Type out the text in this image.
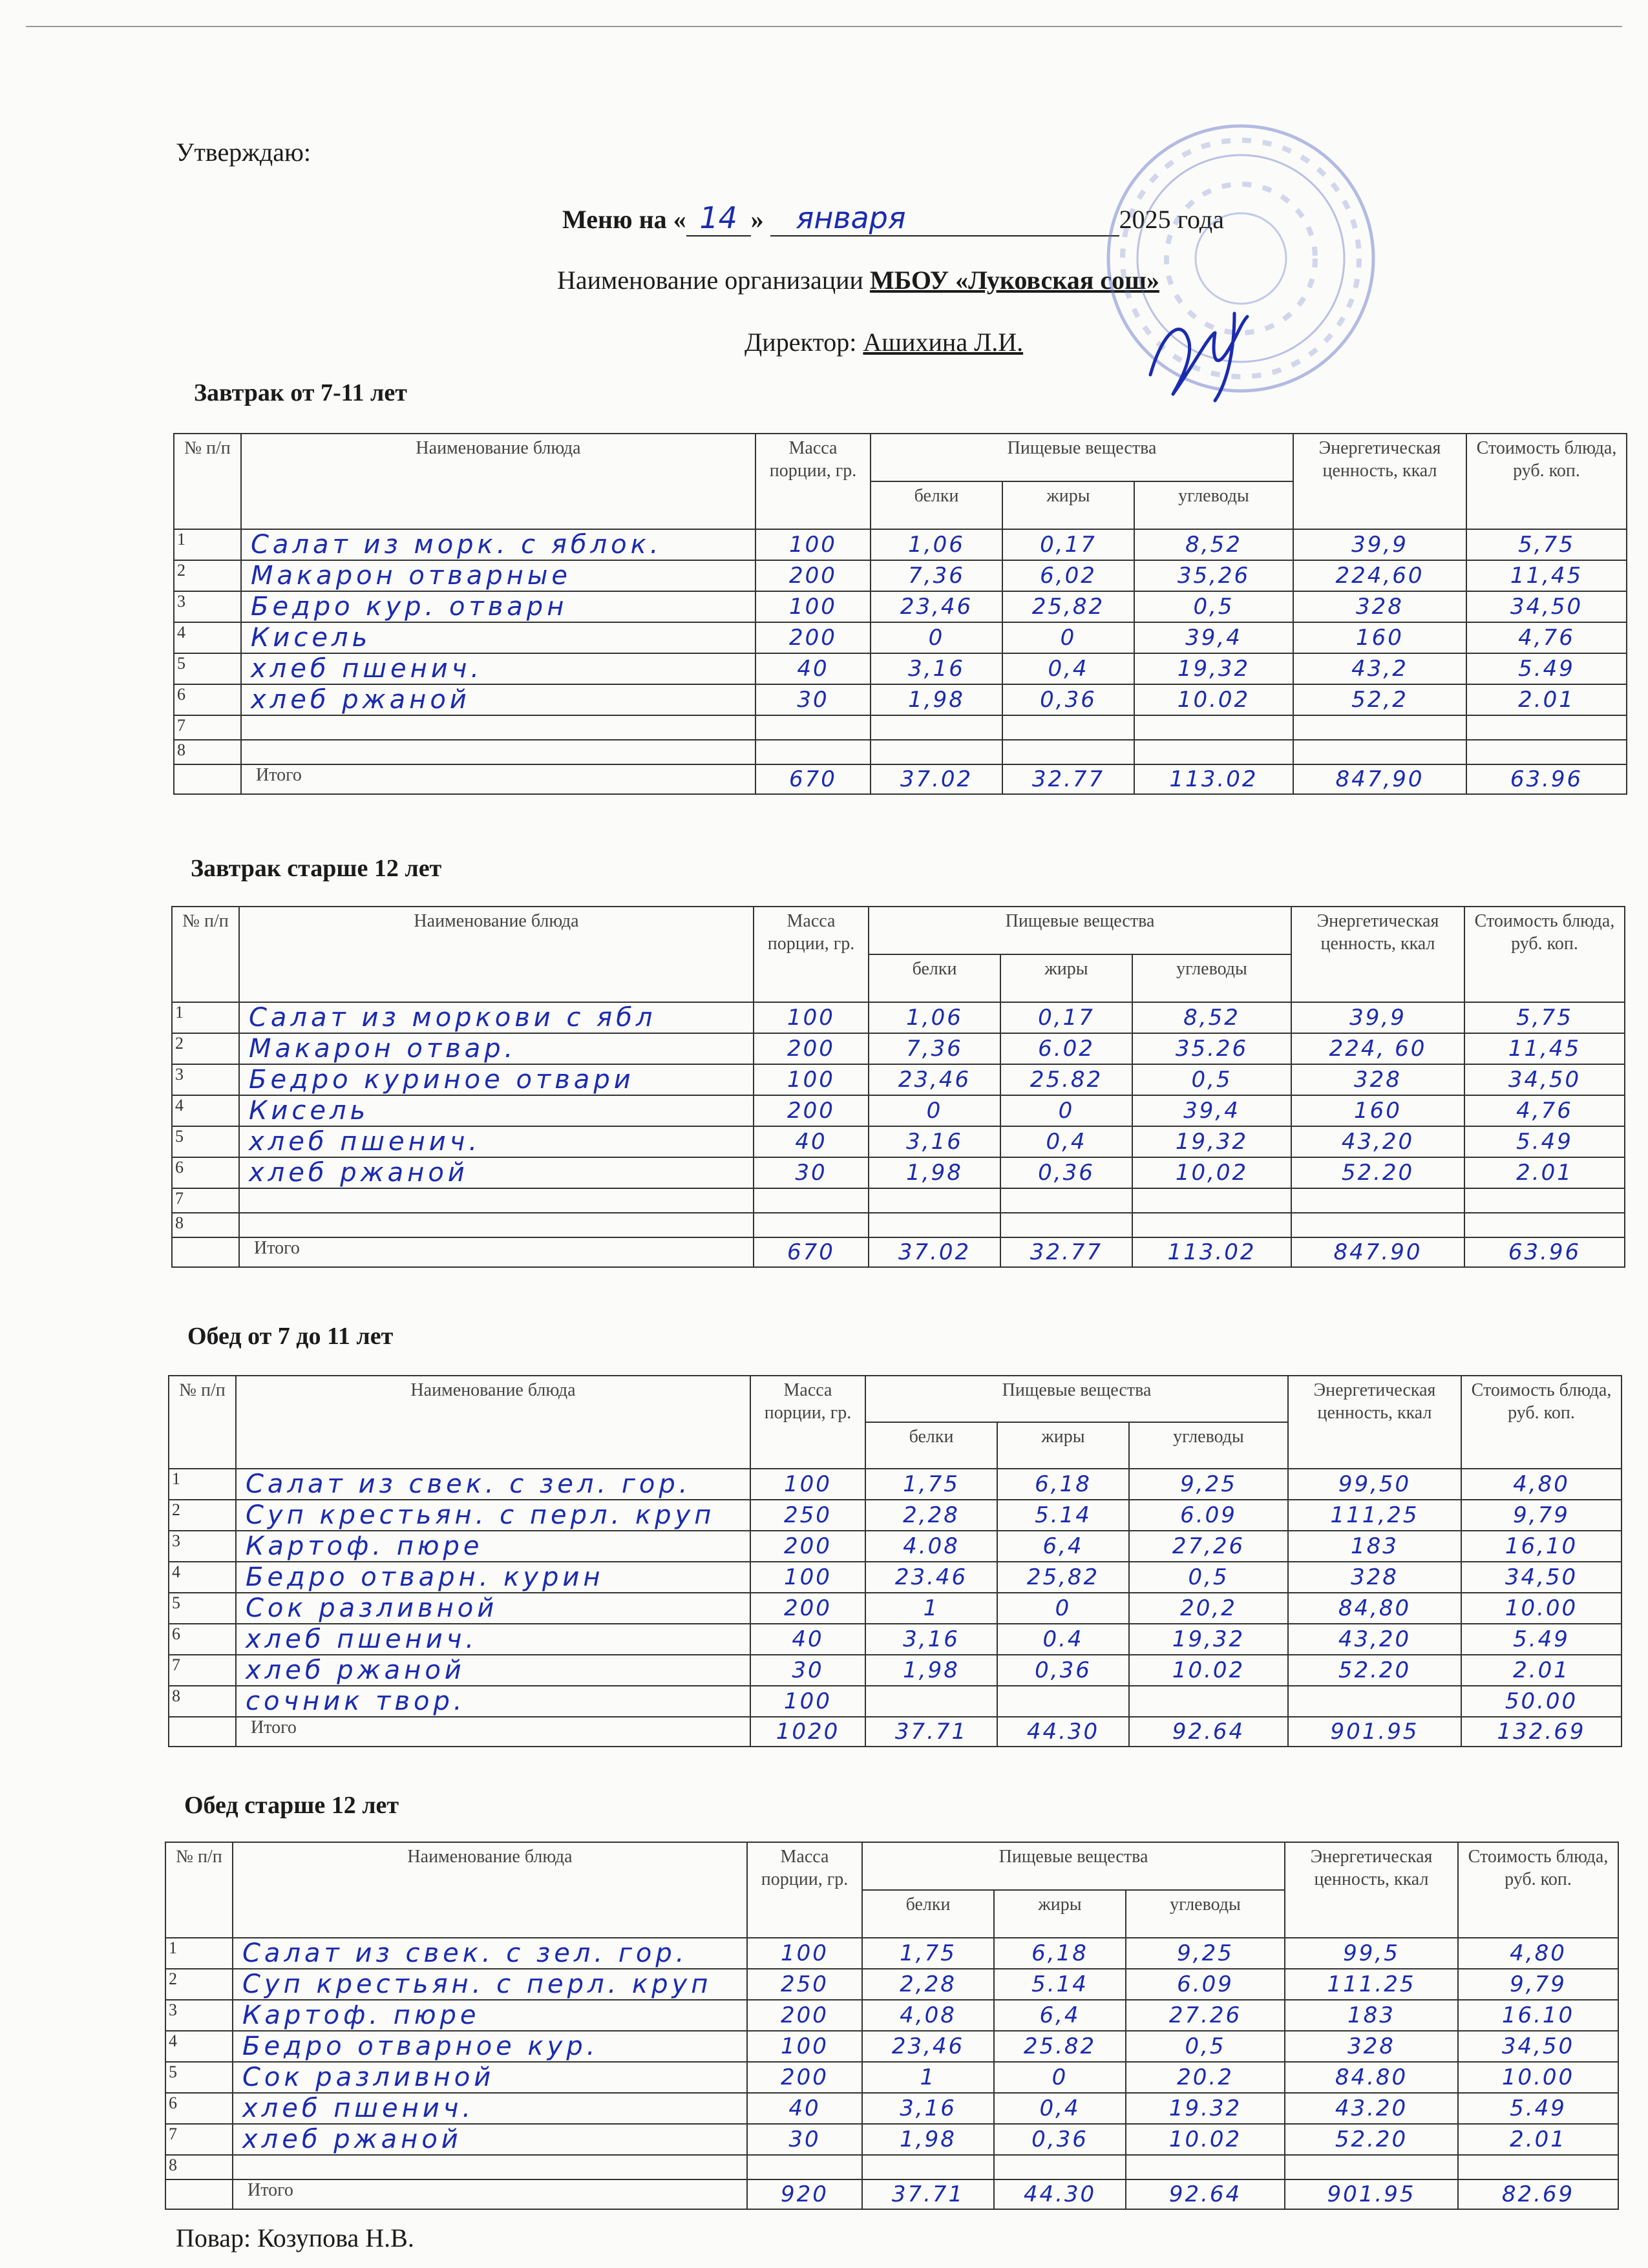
Утверждаю:
Меню на « 14 » января	2025 года
Наименование организации МБОУ «Луковская сош»
Директор: Ашихина Л.И.
Завтрак от 7-11 лет
Завтрак старше 12 лет
Обед от 7 до 11 лет
Обед старше 12 лет
№ п/п	Наименование блюда	Масса порции, гр.	Пищевые вещества			Энергетическая ценность, ккал	Стоимость блюда, руб. коп.
			белки	жиры	углеводы		
1	Салат из морк. с яблок.	100	1,06	0,17	8,52	39,9	5,75
2	Макарон отварные	200	7,36	6,02	35,26	224,60	11,45
3	Бедро кур. отварн	100	23,46	25,82	0,5	328	34,50
4	Кисель	200	0	0	39,4	160	4,76
5	хлеб пшенич.	40	3,16	0,4	19,32	43,2	5.49
6	хлеб ржаной	30	1,98	0,36	10.02	52,2	2.01
7							
8							
	Итого	670	37.02	32.77	113.02	847,90	63.96
№ п/п	Наименование блюда	Масса порции, гр.	Пищевые вещества			Энергетическая ценность, ккал	Стоимость блюда, руб. коп.
			белки	жиры	углеводы		
1	Салат из моркови с ябл	100	1,06	0,17	8,52	39,9	5,75
2	Макарон отвар.	200	7,36	6.02	35.26	224, 60	11,45
3	Бедро куриное отвари	100	23,46	25.82	0,5	328	34,50
4	Кисель	200	0	0	39,4	160	4,76
5	хлеб пшенич.	40	3,16	0,4	19,32	43,20	5.49
6	хлеб ржаной	30	1,98	0,36	10,02	52.20	2.01
7							
8							
	Итого	670	37.02	32.77	113.02	847.90	63.96
№ п/п	Наименование блюда	Масса порции, гр.	Пищевые вещества			Энергетическая ценность, ккал	Стоимость блюда, руб. коп.
			белки	жиры	углеводы		
1	Салат из свек. с зел. гор.	100	1,75	6,18	9,25	99,50	4,80
2	Суп крестьян. с перл. круп	250	2,28	5.14	6.09	111,25	9,79
3	Картоф. пюре	200	4.08	6,4	27,26	183	16,10
4	Бедро отварн. курин	100	23.46	25,82	0,5	328	34,50
5	Сок разливной	200	1	0	20,2	84,80	10.00
6	хлеб пшенич.	40	3,16	0.4	19,32	43,20	5.49
7	хлеб ржаной	30	1,98	0,36	10.02	52.20	2.01
8	сочник твор.	100					50.00
	Итого	1020	37.71	44.30	92.64	901.95	132.69
№ п/п	Наименование блюда	Масса порции, гр.	Пищевые вещества			Энергетическая ценность, ккал	Стоимость блюда, руб. коп.
			белки	жиры	углеводы		
1	Салат из свек. с зел. гор.	100	1,75	6,18	9,25	99,5	4,80
2	Суп крестьян. с перл. круп	250	2,28	5.14	6.09	111.25	9,79
3	Картоф. пюре	200	4,08	6,4	27.26	183	16.10
4	Бедро отварное кур.	100	23,46	25.82	0,5	328	34,50
5	Сок разливной	200	1	0	20.2	84.80	10.00
6	хлеб пшенич.	40	3,16	0,4	19.32	43.20	5.49
7	хлеб ржаной	30	1,98	0,36	10.02	52.20	2.01
8							
	Итого	920	37.71	44.30	92.64	901.95	82.69
Повар: Козупова Н.В.
